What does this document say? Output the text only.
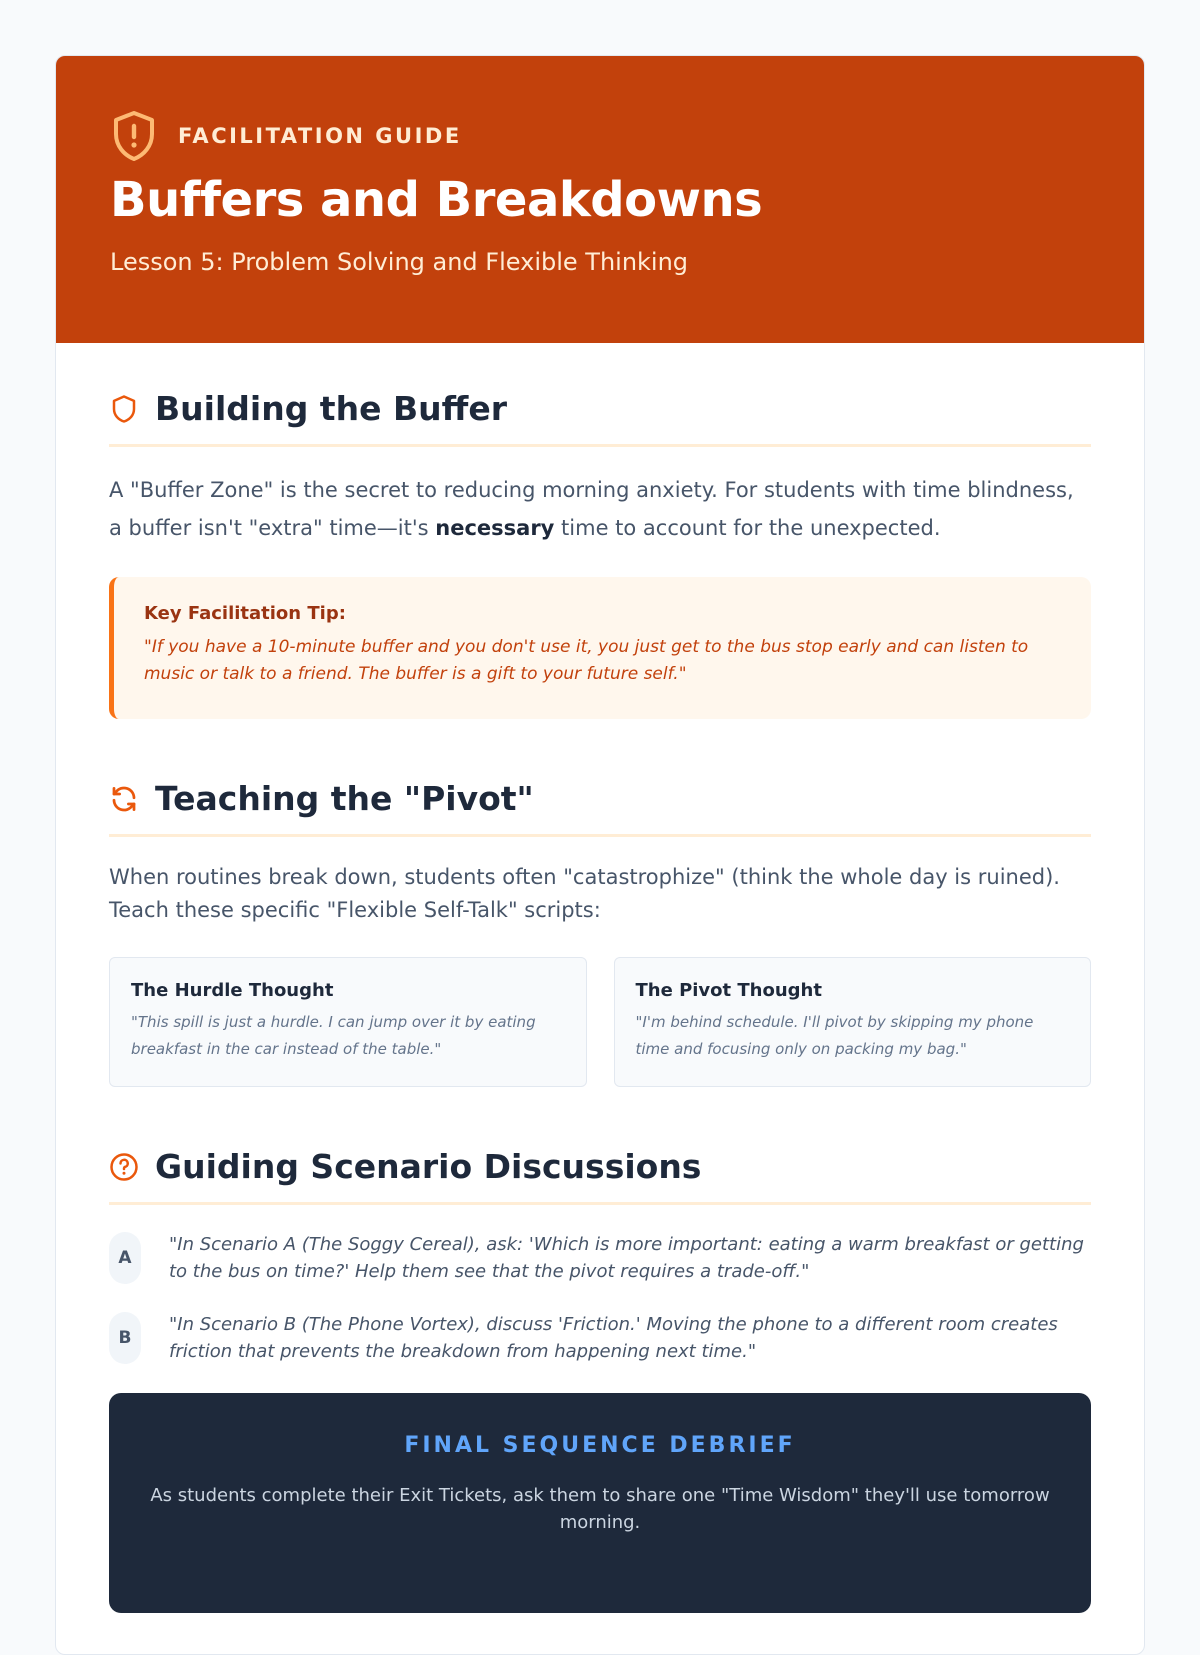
FACILITATION GUIDE
Buffers and Breakdowns
Lesson 5: Problem Solving and Flexible Thinking
Building the Buffer

A "Buffer Zone" is the secret to reducing morning anxiety. For students with time blindness, a buffer isn't "extra" time—it's necessary time to account for the unexpected.

Key Facilitation Tip:
"If you have a 10-minute buffer and you don't use it, you just get to the bus stop early and can listen to music or talk to a friend. The buffer is a gift to your future self."
Teaching the "Pivot"

When routines break down, students often "catastrophize" (think the whole day is ruined). Teach these specific "Flexible Self-Talk" scripts:

The Hurdle Thought
"This spill is just a hurdle. I can jump over it by eating breakfast in the car instead of the table."
The Pivot Thought
"I'm behind schedule. I'll pivot by skipping my phone time and focusing only on packing my bag."
Guiding Scenario Discussions
A
"In Scenario A (The Soggy Cereal), ask: 'Which is more important: eating a warm breakfast or getting to the bus on time?' Help them see that the pivot requires a trade-off."
B
"In Scenario B (The Phone Vortex), discuss 'Friction.' Moving the phone to a different room creates friction that prevents the breakdown from happening next time."
FINAL SEQUENCE DEBRIEF
As students complete their Exit Tickets, ask them to share one "Time Wisdom" they'll use tomorrow morning.
